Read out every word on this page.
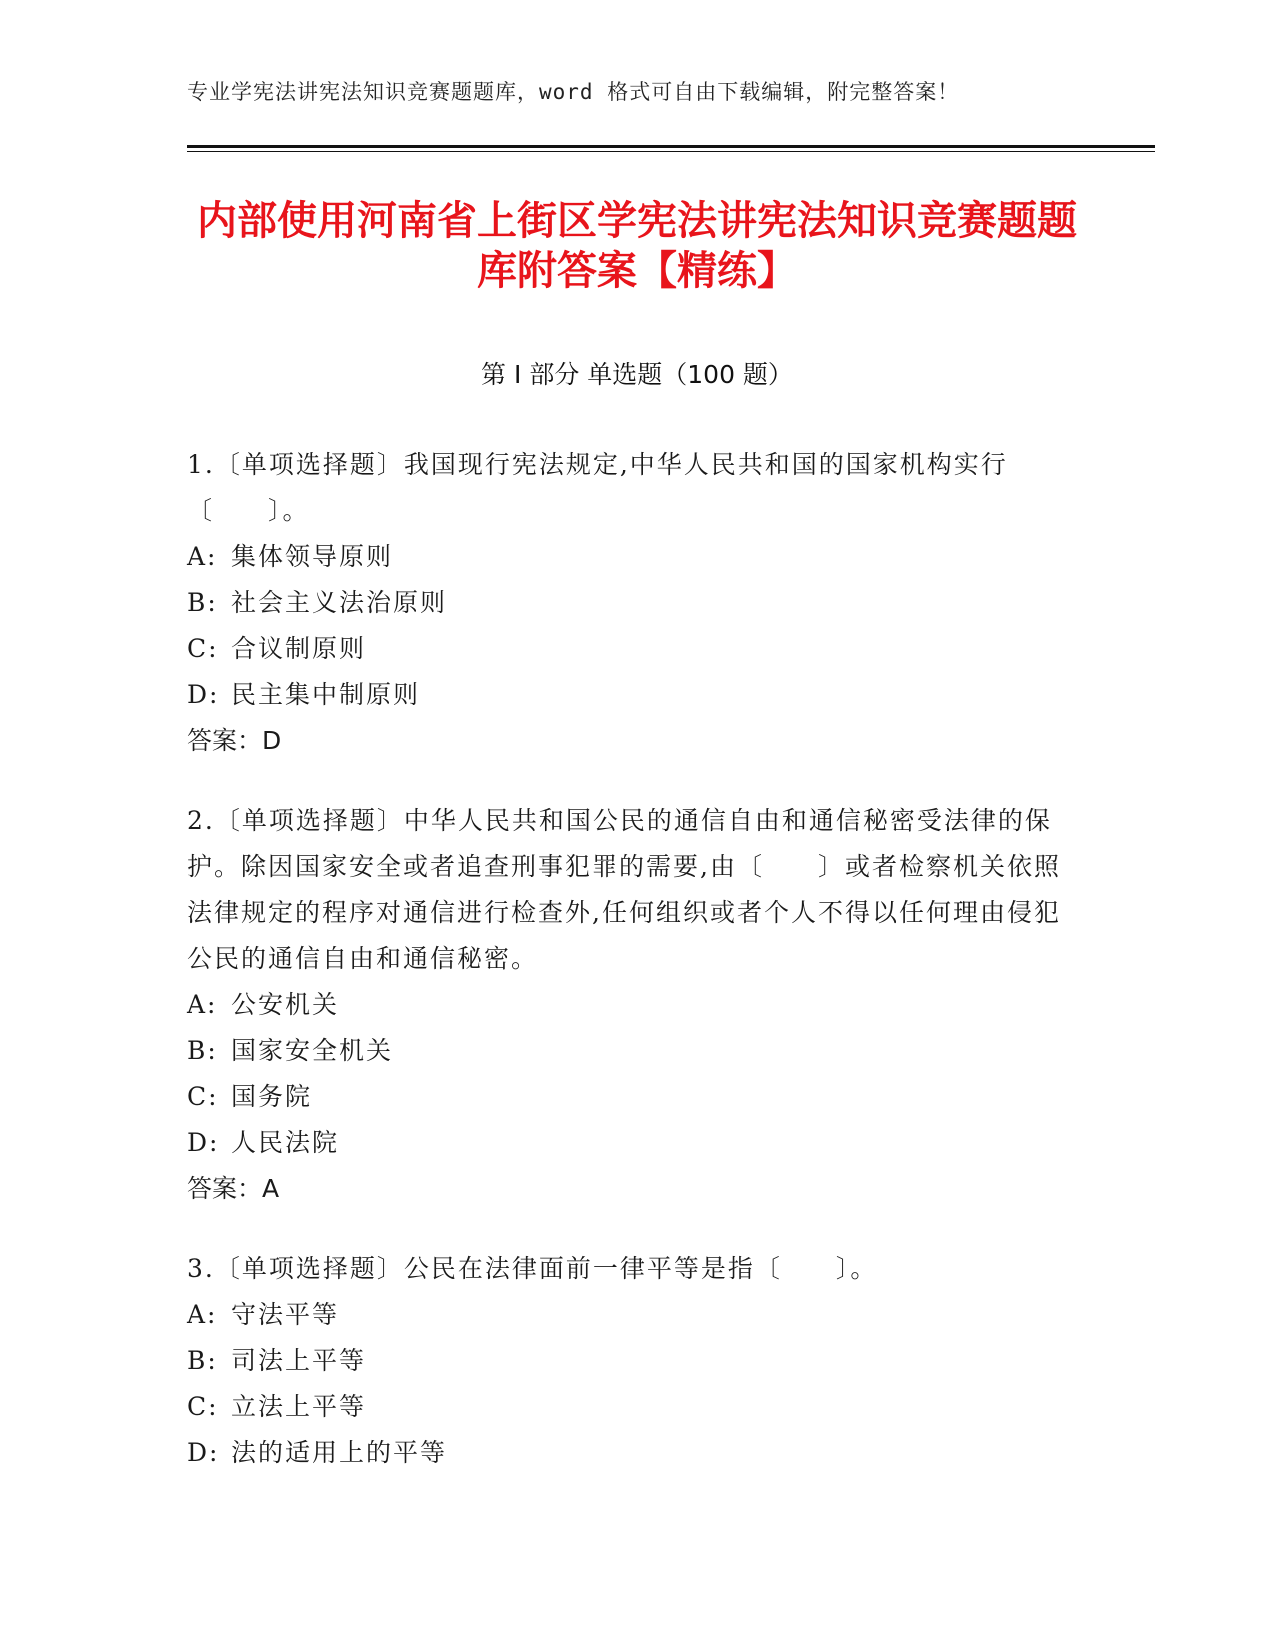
专业学宪法讲宪法知识竞赛题题库，word 格式可自由下载编辑，附完整答案！
内部使用河南省上街区学宪法讲宪法知识竞赛题题库附答案【精练】
第 I 部分 单选题（100 题）

1.〔单项选择题〕我国现行宪法规定,中华人民共和国的国家机构实行〔　　〕。

A: 集体领导原则

B: 社会主义法治原则

C: 合议制原则

D: 民主集中制原则

答案：D

2.〔单项选择题〕中华人民共和国公民的通信自由和通信秘密受法律的保护。除因国家安全或者追查刑事犯罪的需要,由〔　　〕或者检察机关依照法律规定的程序对通信进行检查外,任何组织或者个人不得以任何理由侵犯公民的通信自由和通信秘密。

A: 公安机关

B: 国家安全机关

C: 国务院

D: 人民法院

答案：A

3.〔单项选择题〕公民在法律面前一律平等是指〔　　〕。

A: 守法平等

B: 司法上平等

C: 立法上平等

D: 法的适用上的平等
